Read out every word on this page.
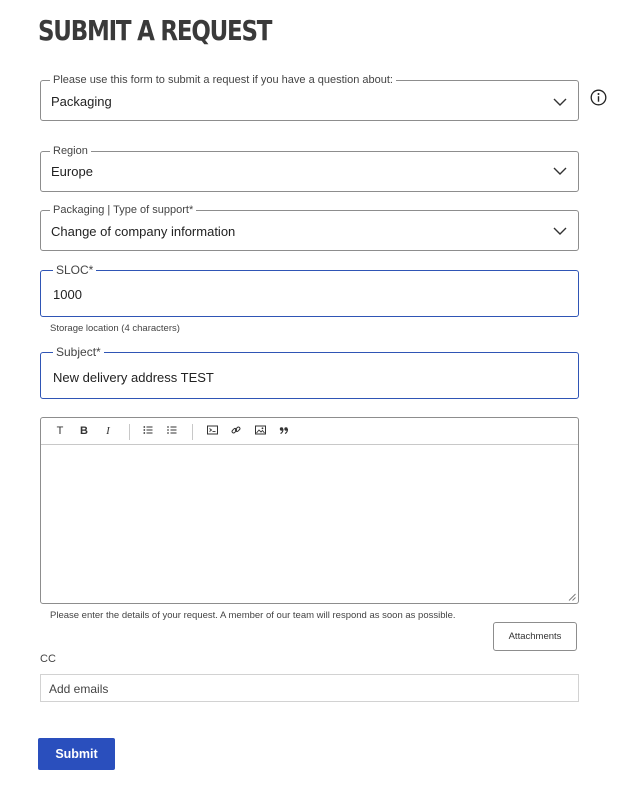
SUBMIT A REQUEST
Please use this form to submit a request if you have a question about:
Packaging
Region
Europe
Packaging | Type of support*
Change of company information
SLOC*
1000
Storage location (4 characters)
Subject*
New delivery address TEST
T	B	I
Please enter the details of your request. A member of our team will respond as soon as possible.
Attachments
CC
Add emails
Submit
